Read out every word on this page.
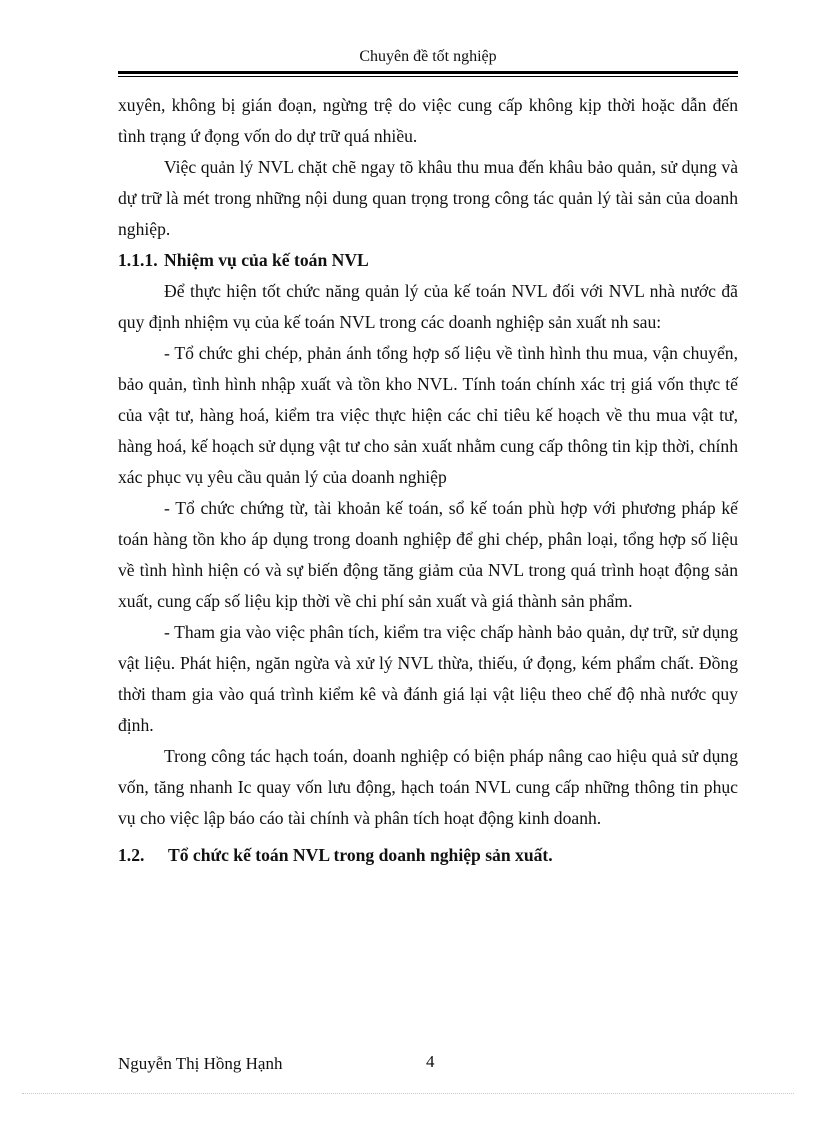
Chuyên đề tốt nghiệp

xuyên, không bị gián đoạn, ngừng trệ do việc cung cấp không kịp thời hoặc dẫn đến tình trạng ứ đọng vốn do dự trữ quá nhiều.

Việc quản lý NVL chặt chẽ ngay tõ khâu thu mua đến khâu bảo quản, sử dụng và dự trữ là mét trong những nội dung quan trọng trong công tác quản lý tài sản của doanh nghiệp.

1.1.1. Nhiệm vụ của kế toán NVL

Để thực hiện tốt chức năng quản lý của kế toán NVL đối với NVL nhà nước đã quy định nhiệm vụ của kế toán NVL trong các doanh nghiệp sản xuất nh sau:

- Tổ chức ghi chép, phản ánh tổng hợp số liệu về tình hình thu mua, vận chuyển, bảo quản, tình hình nhập xuất và tồn kho NVL. Tính toán chính xác trị giá vốn thực tế của vật tư, hàng hoá, kiểm tra việc thực hiện các chỉ tiêu kế hoạch về thu mua vật tư, hàng hoá, kế hoạch sử dụng vật tư cho sản xuất nhằm cung cấp thông tin kịp thời, chính xác phục vụ yêu cầu quản lý của doanh nghiệp

- Tổ chức chứng từ, tài khoản kế toán, sổ kế toán phù hợp với phương pháp kế toán hàng tồn kho áp dụng trong doanh nghiệp để ghi chép, phân loại, tổng hợp số liệu về tình hình hiện có và sự biến động tăng giảm của NVL trong quá trình hoạt động sản xuất, cung cấp số liệu kịp thời về chi phí sản xuất và giá thành sản phẩm.

- Tham gia vào việc phân tích, kiểm tra việc chấp hành bảo quản, dự trữ, sử dụng vật liệu. Phát hiện, ngăn ngừa và xử lý NVL thừa, thiếu, ứ đọng, kém phẩm chất. Đồng thời tham gia vào quá trình kiểm kê và đánh giá lại vật liệu theo chế độ nhà nước quy định.

Trong công tác hạch toán, doanh nghiệp có biện pháp nâng cao hiệu quả sử dụng vốn, tăng nhanh Ic quay vốn lưu động, hạch toán NVL cung cấp những thông tin phục vụ cho việc lập báo cáo tài chính và phân tích hoạt động kinh doanh.

1.2.	Tổ chức kế toán NVL trong doanh nghiệp sản xuất.
Nguyễn Thị Hồng Hạnh	4
